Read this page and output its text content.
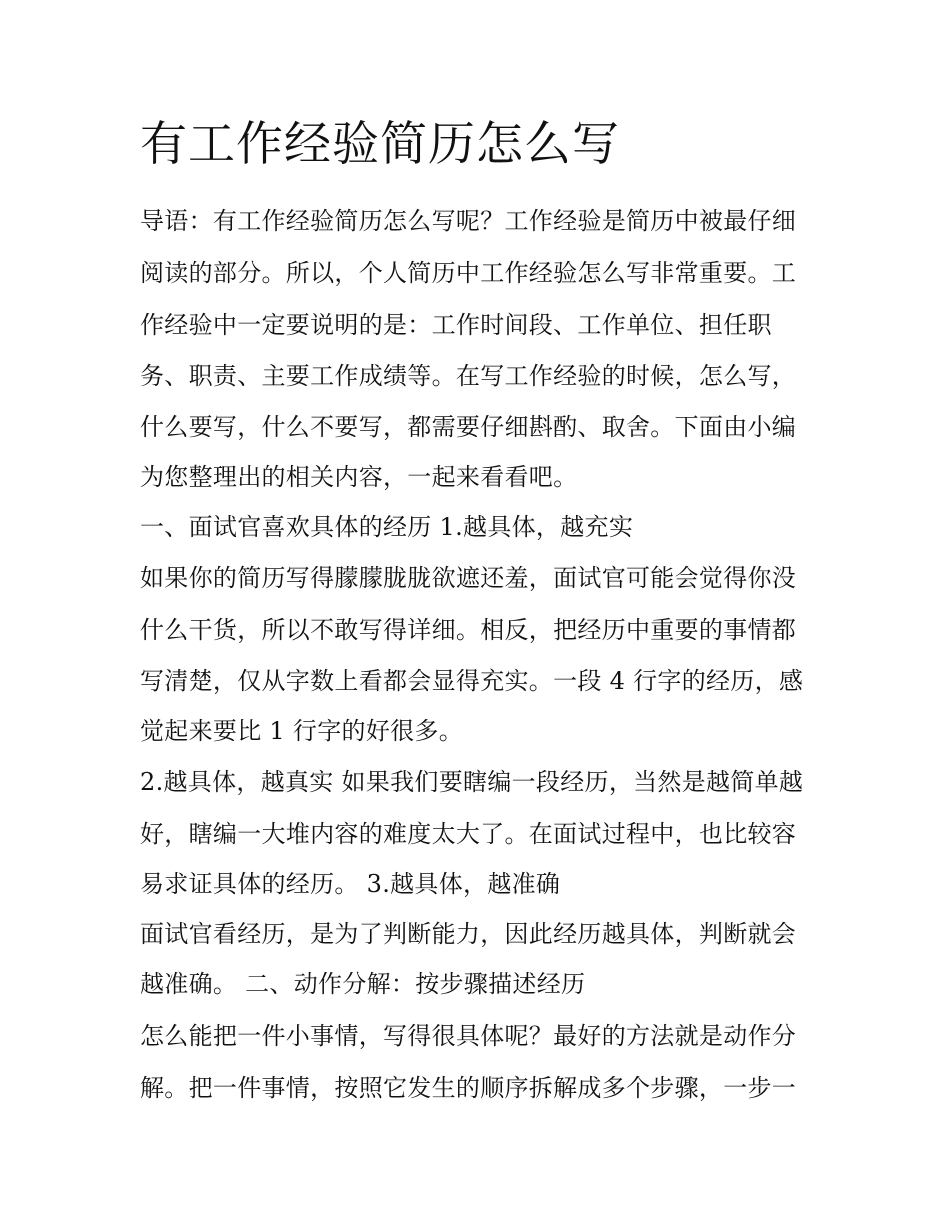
有工作经验简历怎么写
导语：有工作经验简历怎么写呢？工作经验是简历中被最仔细
阅读的部分。所以，个人简历中工作经验怎么写非常重要。工
作经验中一定要说明的是：工作时间段、工作单位、担任职
务、职责、主要工作成绩等。在写工作经验的时候，怎么写，
什么要写，什么不要写，都需要仔细斟酌、取舍。下面由小编
为您整理出的相关内容，一起来看看吧。
一、面试官喜欢具体的经历 1.越具体，越充实
如果你的简历写得朦朦胧胧欲遮还羞，面试官可能会觉得你没
什么干货，所以不敢写得详细。相反，把经历中重要的事情都
写清楚，仅从字数上看都会显得充实。一段 4 行字的经历，感
觉起来要比 1 行字的好很多。
2.越具体，越真实 如果我们要瞎编一段经历，当然是越简单越
好，瞎编一大堆内容的难度太大了。在面试过程中，也比较容
易求证具体的经历。 3.越具体，越准确
面试官看经历，是为了判断能力，因此经历越具体，判断就会
越准确。 二、动作分解：按步骤描述经历
怎么能把一件小事情，写得很具体呢？最好的方法就是动作分
解。把一件事情，按照它发生的顺序拆解成多个步骤，一步一
